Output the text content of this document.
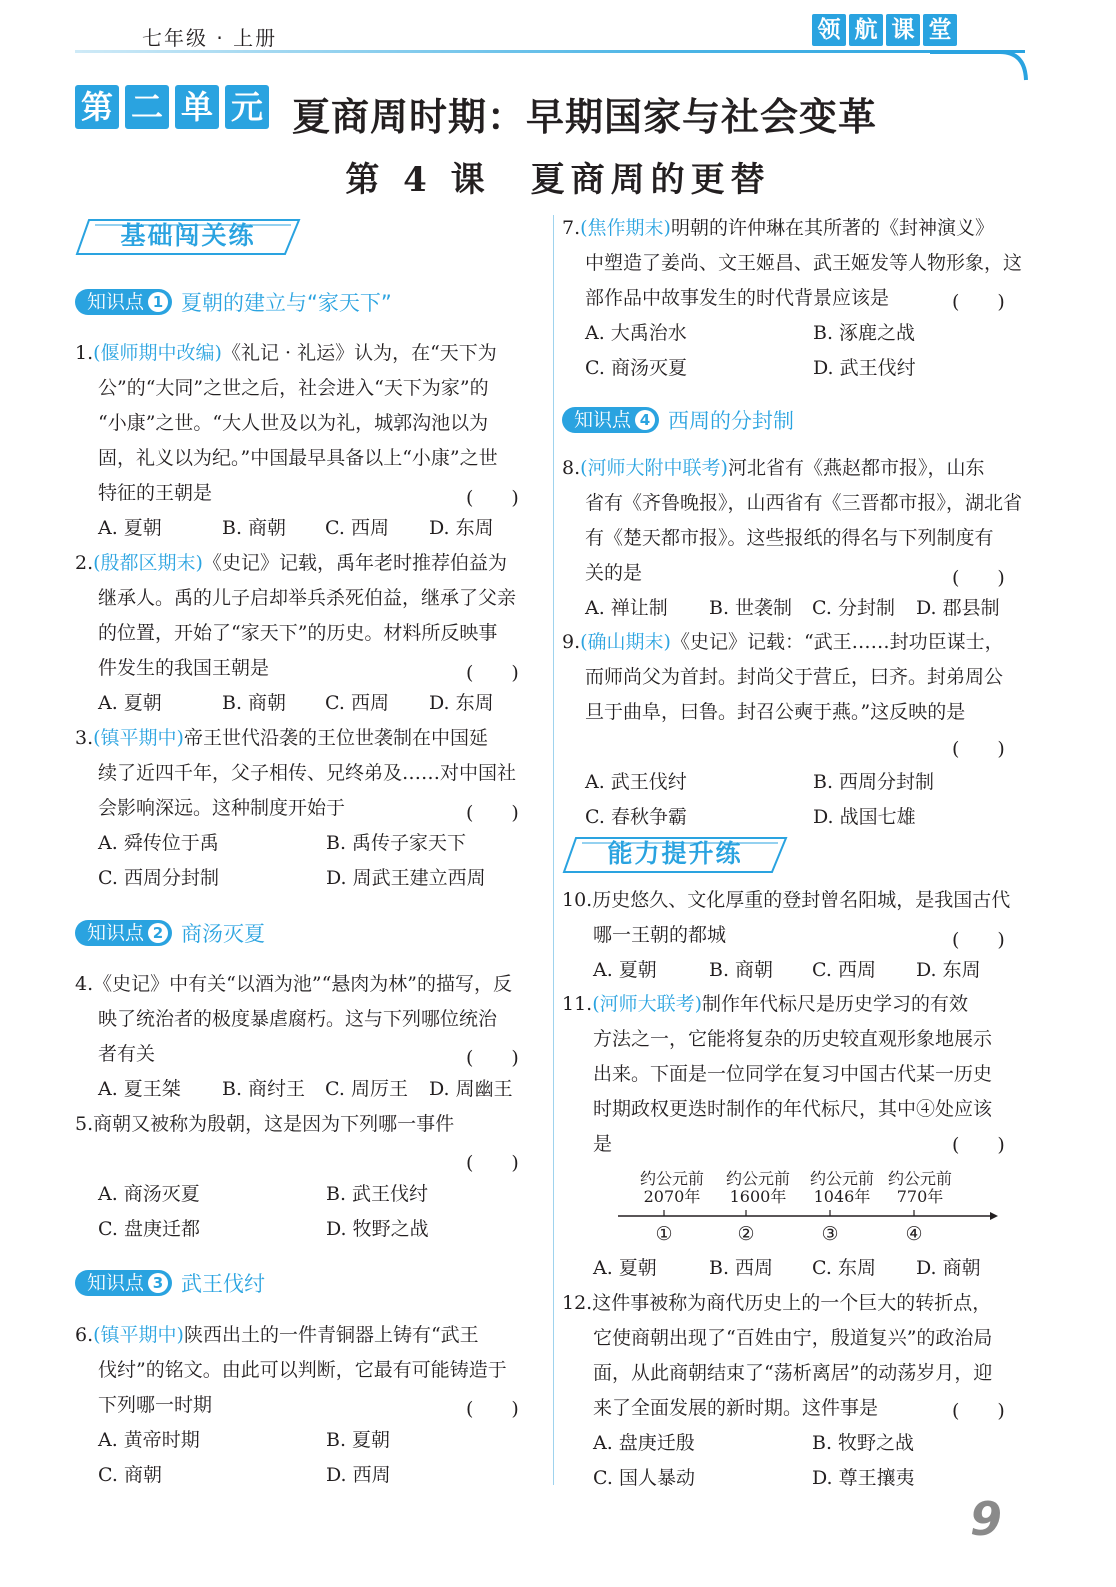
七年级 · 上册	领 航 课 堂
第 二 单 元 夏商周时期：早期国家与社会变革
第 4 课　夏商周的更替
基础闯关练
知识点 1 夏朝的建立与“家天下”
1.(偃师期中改编)《礼记 · 礼运》认为，在“天下为
公”的“大同”之世之后，社会进入“天下为家”的
“小康”之世。“大人世及以为礼，城郭沟池以为
固，礼义以为纪。”中国最早具备以上“小康”之世
特征的王朝是
A. 夏朝	B. 商朝	C. 西周	D. 东周
(　　)
2.(殷都区期末)《史记》记载，禹年老时推荐伯益为
继承人。禹的儿子启却举兵杀死伯益，继承了父亲
的位置，开始了“家天下”的历史。材料所反映事
件发生的我国王朝是
A. 夏朝	B. 商朝	C. 西周	D. 东周
(　　)
3.(镇平期中)帝王世代沿袭的王位世袭制在中国延
续了近四千年，父子相传、兄终弟及……对中国社
会影响深远。这种制度开始于
A. 舜传位于禹	B. 禹传子家天下
C. 西周分封制	D. 周武王建立西周
(　　)
知识点 2 商汤灭夏
4.《史记》中有关“以酒为池”“悬肉为林”的描写，反
映了统治者的极度暴虐腐朽。这与下列哪位统治
者有关
A. 夏王桀	B. 商纣王	C. 周厉王	D. 周幽王
(　　)
5.商朝又被称为殷朝，这是因为下列哪一事件

A. 商汤灭夏	B. 武王伐纣
C. 盘庚迁都	D. 牧野之战
(　　)
知识点 3 武王伐纣
6.(镇平期中)陕西出土的一件青铜器上铸有“武王
伐纣”的铭文。由此可以判断，它最有可能铸造于
下列哪一时期
A. 黄帝时期	B. 夏朝
C. 商朝	D. 西周
(　　)
7.(焦作期末)明朝的许仲琳在其所著的《封神演义》
中塑造了姜尚、文王姬昌、武王姬发等人物形象，这
部作品中故事发生的时代背景应该是
A. 大禹治水	B. 涿鹿之战
C. 商汤灭夏	D. 武王伐纣
(　　)
知识点 4 西周的分封制
8.(河师大附中联考)河北省有《燕赵都市报》，山东
省有《齐鲁晚报》，山西省有《三晋都市报》，湖北省
有《楚天都市报》。这些报纸的得名与下列制度有
关的是
A. 禅让制	B. 世袭制	C. 分封制	D. 郡县制
(　　)
9.(确山期末)《史记》记载：“武王……封功臣谋士，
而师尚父为首封。封尚父于营丘，曰齐。封弟周公
旦于曲阜，曰鲁。封召公奭于燕。”这反映的是

A. 武王伐纣	B. 西周分封制
C. 春秋争霸	D. 战国七雄
(　　)
能力提升练
10.历史悠久、文化厚重的登封曾名阳城，是我国古代
哪一王朝的都城
A. 夏朝	B. 商朝	C. 西周	D. 东周
(　　)
11.(河师大联考)制作年代标尺是历史学习的有效
方法之一，它能将复杂的历史较直观形象地展示
出来。下面是一位同学在复习中国古代某一历史
时期政权更迭时制作的年代标尺，其中④处应该
是	(　　)
约公元前 约公元前 约公元前 约公元前
2070年 1600年 1046年 770年
①	②	③	④
A. 夏朝	B. 西周	C. 东周	D. 商朝
12.这件事被称为商代历史上的一个巨大的转折点，
它使商朝出现了“百姓由宁，殷道复兴”的政治局
面，从此商朝结束了“荡析离居”的动荡岁月，迎
来了全面发展的新时期。这件事是
A. 盘庚迁殷	B. 牧野之战
C. 国人暴动	D. 尊王攘夷
(　　)
9
